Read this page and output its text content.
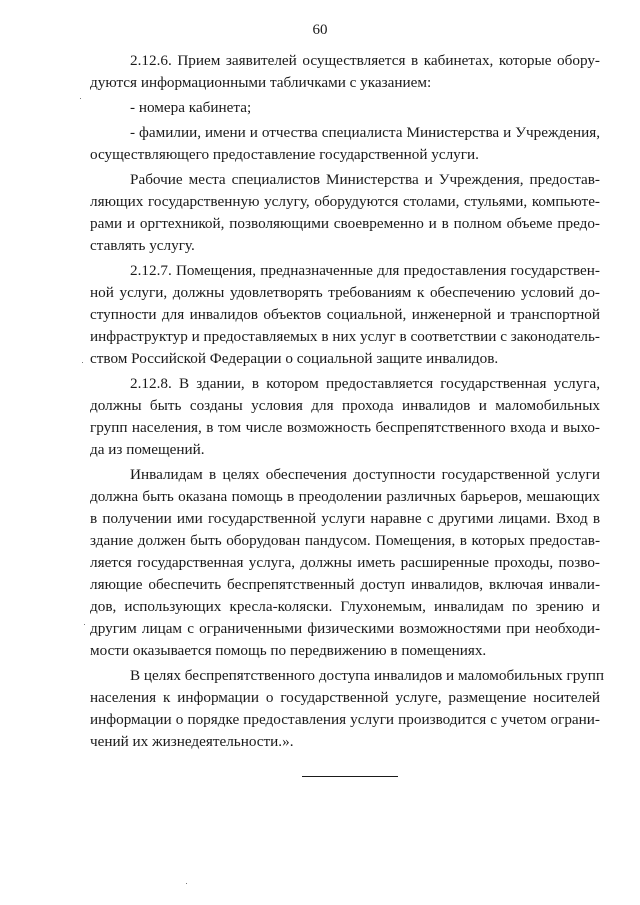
60

2.12.6. Прием заявителей осуществляется в кабинетах, которые обору-
дуются информационными табличками с указанием:

- номера кабинета;

- фамилии, имени и отчества специалиста Министерства и Учреждения,
осуществляющего предоставление государственной услуги.

Рабочие места специалистов Министерства и Учреждения, предостав-
ляющих государственную услугу, оборудуются столами, стульями, компьюте-
рами и оргтехникой, позволяющими своевременно и в полном объеме предо-
ставлять услугу.

2.12.7. Помещения, предназначенные для предоставления государствен-
ной услуги, должны удовлетворять требованиям к обеспечению условий до-
ступности для инвалидов объектов социальной, инженерной и транспортной
инфраструктур и предоставляемых в них услуг в соответствии с законодатель-
ством Российской Федерации о социальной защите инвалидов.

2.12.8. В здании, в котором предоставляется государственная услуга,
должны быть созданы условия для прохода инвалидов и маломобильных
групп населения, в том числе возможность беспрепятственного входа и выхо-
да из помещений.

Инвалидам в целях обеспечения доступности государственной услуги
должна быть оказана помощь в преодолении различных барьеров, мешающих
в получении ими государственной услуги наравне с другими лицами. Вход в
здание должен быть оборудован пандусом. Помещения, в которых предостав-
ляется государственная услуга, должны иметь расширенные проходы, позво-
ляющие обеспечить беспрепятственный доступ инвалидов, включая инвали-
дов, использующих кресла-коляски. Глухонемым, инвалидам по зрению и
другим лицам с ограниченными физическими возможностями при необходи-
мости оказывается помощь по передвижению в помещениях.

В целях беспрепятственного доступа инвалидов и маломобильных групп
населения к информации о государственной услуге, размещение носителей
информации о порядке предоставления услуги производится с учетом ограни-
чений их жизнедеятельности.».
